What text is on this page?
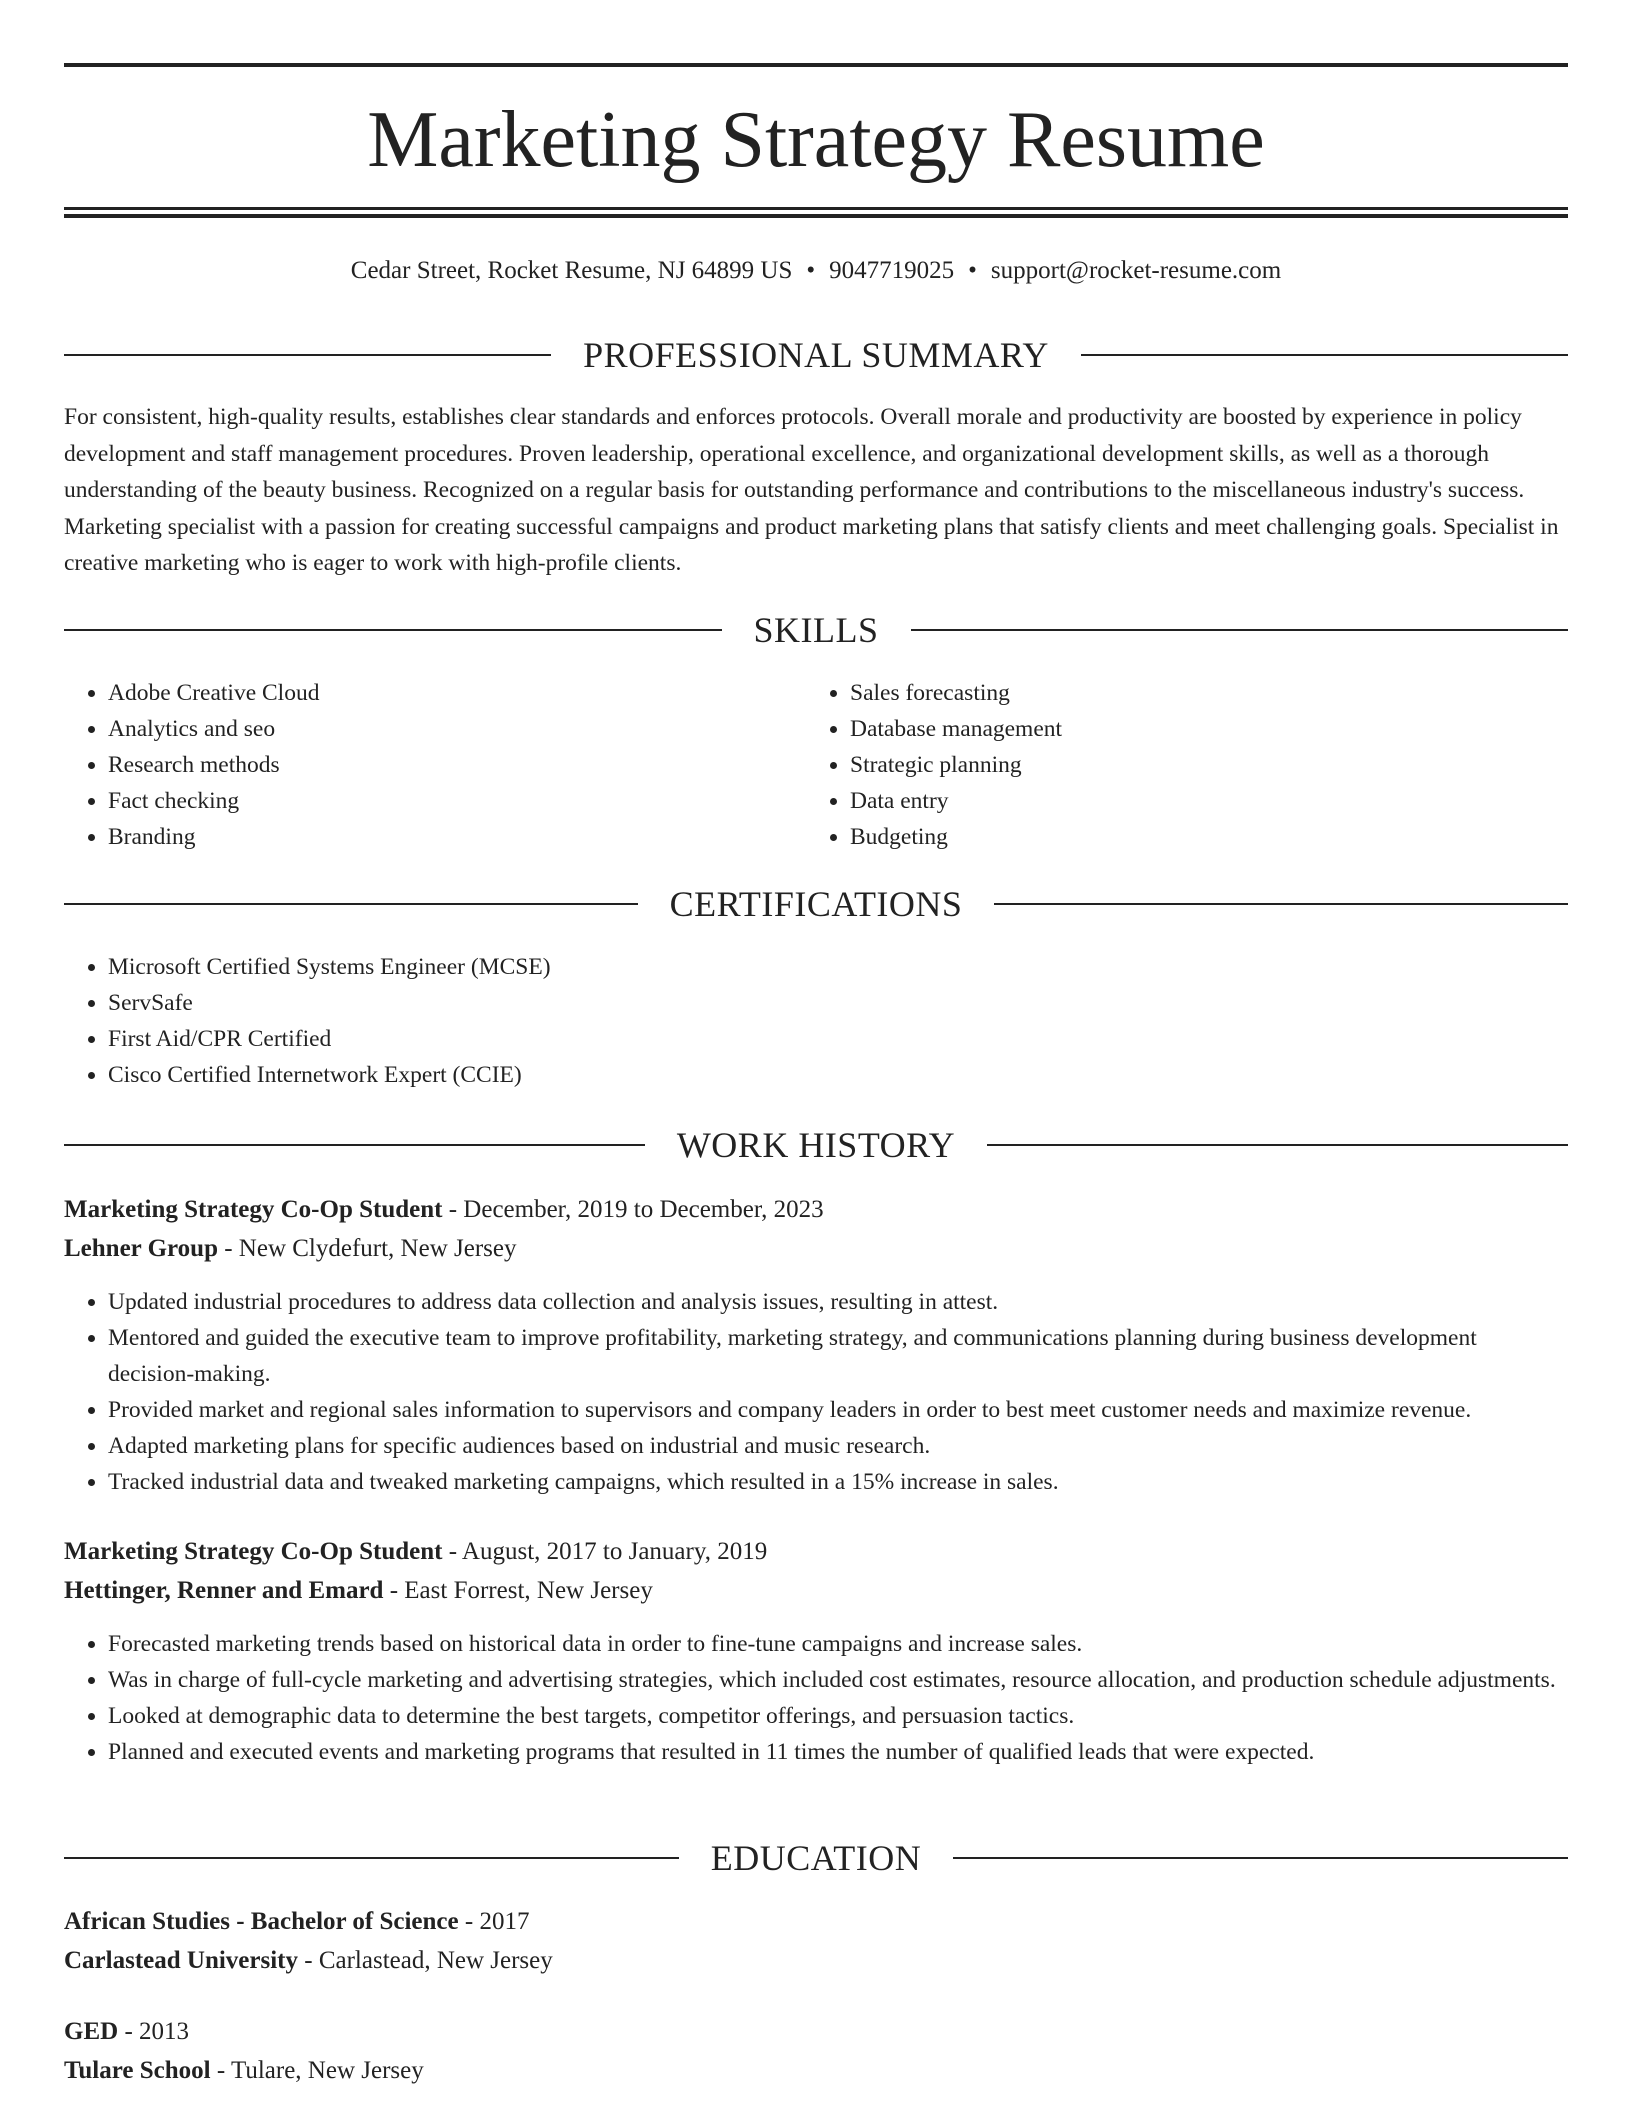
Marketing Strategy Resume
Cedar Street, Rocket Resume, NJ 64899 US • 9047719025 • support@rocket-resume.com
PROFESSIONAL SUMMARY

For consistent, high-quality results, establishes clear standards and enforces protocols. Overall morale and productivity are boosted by experience in policy development and staff management procedures. Proven leadership, operational excellence, and organizational development skills, as well as a thorough understanding of the beauty business. Recognized on a regular basis for outstanding performance and contributions to the miscellaneous industry's success. Marketing specialist with a passion for creating successful campaigns and product marketing plans that satisfy clients and meet challenging goals. Specialist in creative marketing who is eager to work with high-profile clients.

SKILLS
• Adobe Creative Cloud
• Analytics and seo
• Research methods
• Fact checking
• Branding
• Sales forecasting
• Database management
• Strategic planning
• Data entry
• Budgeting
CERTIFICATIONS
• Microsoft Certified Systems Engineer (MCSE)
• ServSafe
• First Aid/CPR Certified
• Cisco Certified Internetwork Expert (CCIE)
WORK HISTORY
Marketing Strategy Co-Op Student - December, 2019 to December, 2023
Lehner Group - New Clydefurt, New Jersey
• Updated industrial procedures to address data collection and analysis issues, resulting in attest.
• Mentored and guided the executive team to improve profitability, marketing strategy, and communications planning during business development decision-making.
• Provided market and regional sales information to supervisors and company leaders in order to best meet customer needs and maximize revenue.
• Adapted marketing plans for specific audiences based on industrial and music research.
• Tracked industrial data and tweaked marketing campaigns, which resulted in a 15% increase in sales.
Marketing Strategy Co-Op Student - August, 2017 to January, 2019
Hettinger, Renner and Emard - East Forrest, New Jersey
• Forecasted marketing trends based on historical data in order to fine-tune campaigns and increase sales.
• Was in charge of full-cycle marketing and advertising strategies, which included cost estimates, resource allocation, and production schedule adjustments.
• Looked at demographic data to determine the best targets, competitor offerings, and persuasion tactics.
• Planned and executed events and marketing programs that resulted in 11 times the number of qualified leads that were expected.
EDUCATION
African Studies - Bachelor of Science - 2017
Carlastead University - Carlastead, New Jersey
GED - 2013
Tulare School - Tulare, New Jersey
